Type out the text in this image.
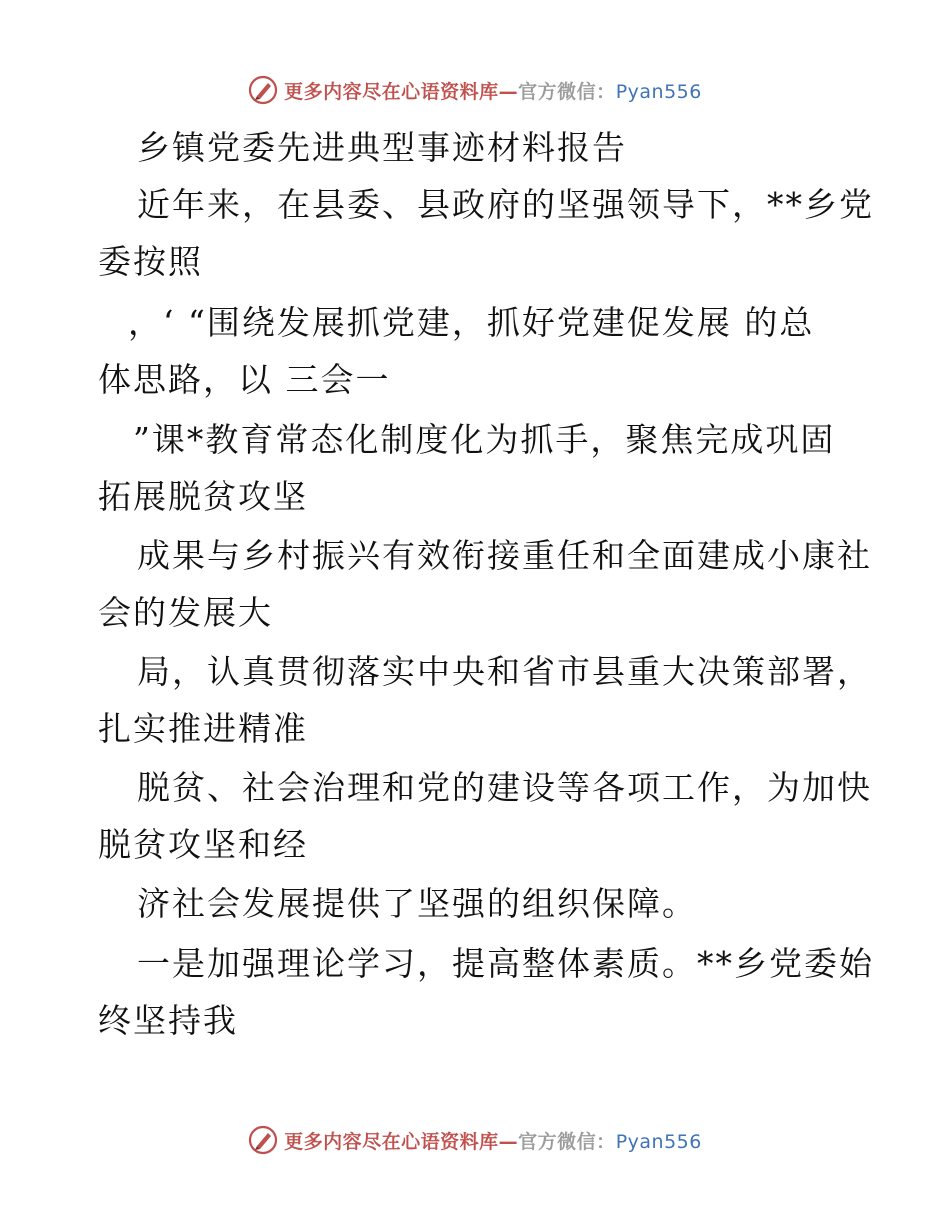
更多内容尽在心语资料库—官方微信：Pyan556
乡镇党委先进典型事迹材料报告
近年来，在县委、县政府的坚强领导下，**乡党
委按照
，‘ “围绕发展抓党建，抓好党建促发展 的总
体思路，以 三会一
”课*教育常态化制度化为抓手，聚焦完成巩固
拓展脱贫攻坚
成果与乡村振兴有效衔接重任和全面建成小康社
会的发展大
局，认真贯彻落实中央和省市县重大决策部署，
扎实推进精准
脱贫、社会治理和党的建设等各项工作，为加快
脱贫攻坚和经
济社会发展提供了坚强的组织保障。
一是加强理论学习，提高整体素质。**乡党委始
终坚持我
更多内容尽在心语资料库—官方微信：Pyan556
